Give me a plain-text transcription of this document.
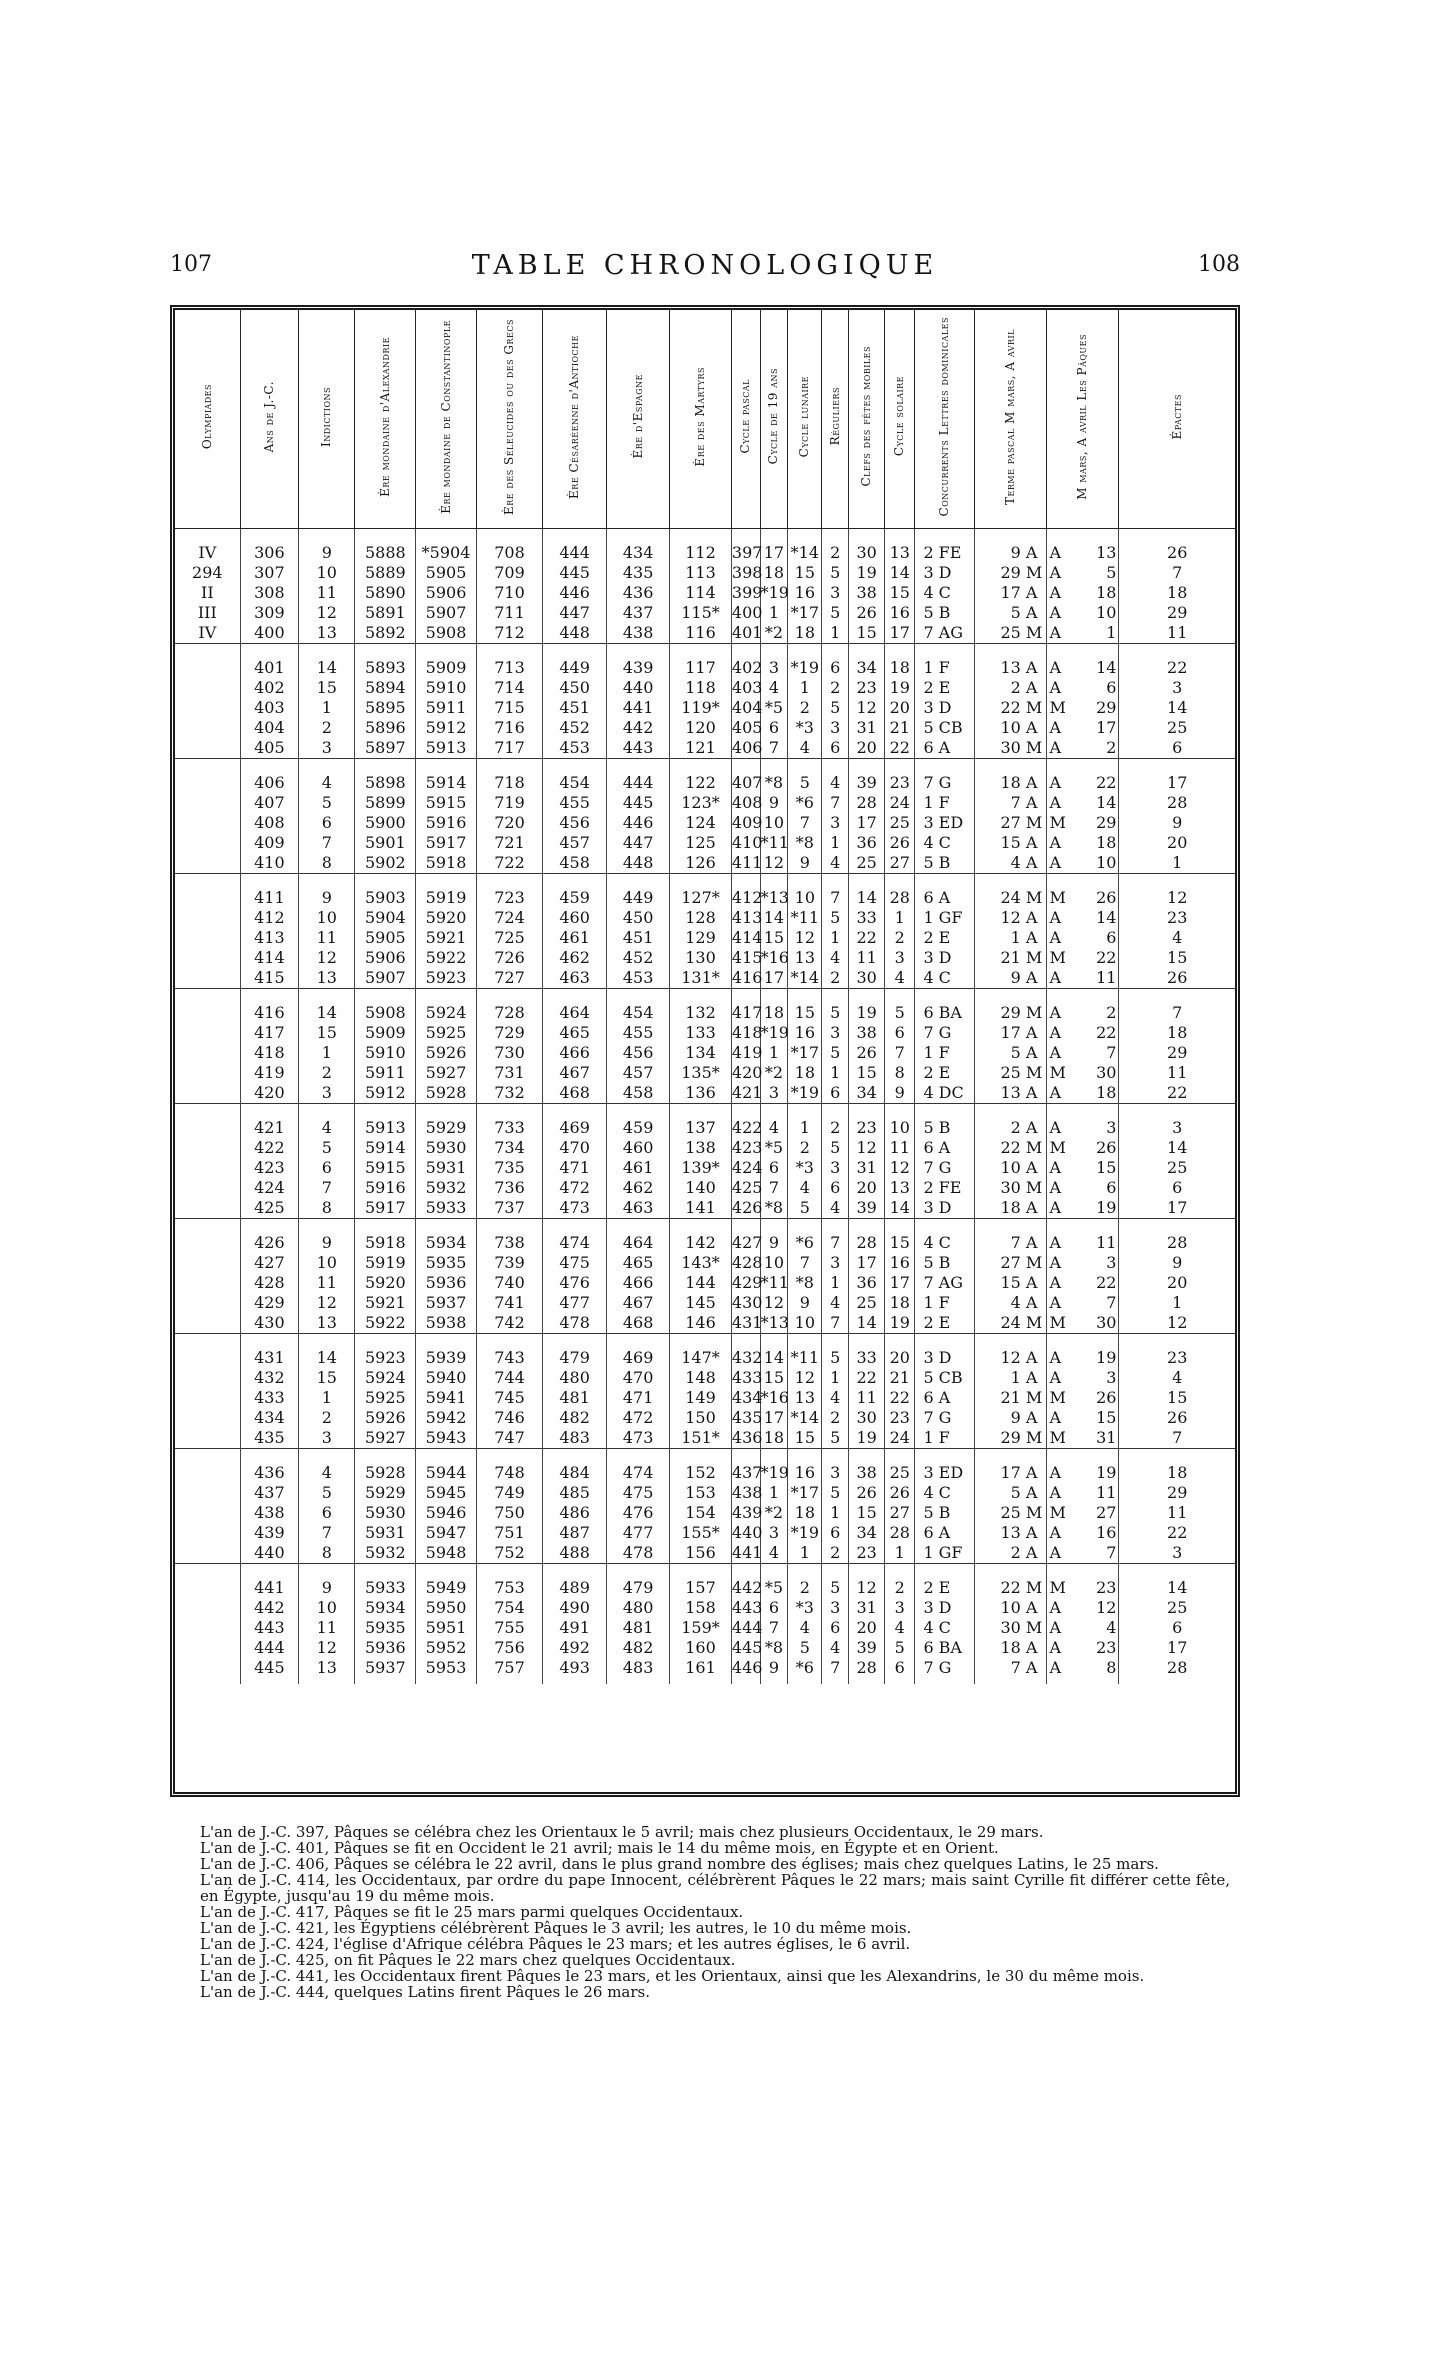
107	TABLE CHRONOLOGIQUE	108
Olympiades	Ans de J.-C.	Indictions	Ère mondaine d'Alexandrie	Ère mondaine de Constantinople	Ère des Séleucides ou des Grecs	Ère Césaréenne d'Antioche	Ère d'Espagne	Ère des Martyrs	Cycle pascal	Cycle de 19 ans	Cycle lunaire	Réguliers	Clefs des fêtes mobiles	Cycle solaire	Concurrents Lettres dominicales		Terme pascal M mars, A avril		M mars, A avril Les Pâques		Épactes
IV	306	9	5888	*5904	708	444	434	112	397	17	*14	2	30	13	2	FE	9	A	A	13	26
294	307	10	5889	5905	709	445	435	113	398	18	15	5	19	14	3	D	29	M	A	5	7
II	308	11	5890	5906	710	446	436	114	399	*19	16	3	38	15	4	C	17	A	A	18	18
III	309	12	5891	5907	711	447	437	115*	400	1	*17	5	26	16	5	B	5	A	A	10	29
IV	400	13	5892	5908	712	448	438	116	401	*2	18	1	15	17	7	AG	25	M	A	1	11
	401	14	5893	5909	713	449	439	117	402	3	*19	6	34	18	1	F	13	A	A	14	22
	402	15	5894	5910	714	450	440	118	403	4	1	2	23	19	2	E	2	A	A	6	3
	403	1	5895	5911	715	451	441	119*	404	*5	2	5	12	20	3	D	22	M	M	29	14
	404	2	5896	5912	716	452	442	120	405	6	*3	3	31	21	5	CB	10	A	A	17	25
	405	3	5897	5913	717	453	443	121	406	7	4	6	20	22	6	A	30	M	A	2	6
	406	4	5898	5914	718	454	444	122	407	*8	5	4	39	23	7	G	18	A	A	22	17
	407	5	5899	5915	719	455	445	123*	408	9	*6	7	28	24	1	F	7	A	A	14	28
	408	6	5900	5916	720	456	446	124	409	10	7	3	17	25	3	ED	27	M	M	29	9
	409	7	5901	5917	721	457	447	125	410	*11	*8	1	36	26	4	C	15	A	A	18	20
	410	8	5902	5918	722	458	448	126	411	12	9	4	25	27	5	B	4	A	A	10	1
	411	9	5903	5919	723	459	449	127*	412	*13	10	7	14	28	6	A	24	M	M	26	12
	412	10	5904	5920	724	460	450	128	413	14	*11	5	33	1	1	GF	12	A	A	14	23
	413	11	5905	5921	725	461	451	129	414	15	12	1	22	2	2	E	1	A	A	6	4
	414	12	5906	5922	726	462	452	130	415	*16	13	4	11	3	3	D	21	M	M	22	15
	415	13	5907	5923	727	463	453	131*	416	17	*14	2	30	4	4	C	9	A	A	11	26
	416	14	5908	5924	728	464	454	132	417	18	15	5	19	5	6	BA	29	M	A	2	7
	417	15	5909	5925	729	465	455	133	418	*19	16	3	38	6	7	G	17	A	A	22	18
	418	1	5910	5926	730	466	456	134	419	1	*17	5	26	7	1	F	5	A	A	7	29
	419	2	5911	5927	731	467	457	135*	420	*2	18	1	15	8	2	E	25	M	M	30	11
	420	3	5912	5928	732	468	458	136	421	3	*19	6	34	9	4	DC	13	A	A	18	22
	421	4	5913	5929	733	469	459	137	422	4	1	2	23	10	5	B	2	A	A	3	3
	422	5	5914	5930	734	470	460	138	423	*5	2	5	12	11	6	A	22	M	M	26	14
	423	6	5915	5931	735	471	461	139*	424	6	*3	3	31	12	7	G	10	A	A	15	25
	424	7	5916	5932	736	472	462	140	425	7	4	6	20	13	2	FE	30	M	A	6	6
	425	8	5917	5933	737	473	463	141	426	*8	5	4	39	14	3	D	18	A	A	19	17
	426	9	5918	5934	738	474	464	142	427	9	*6	7	28	15	4	C	7	A	A	11	28
	427	10	5919	5935	739	475	465	143*	428	10	7	3	17	16	5	B	27	M	A	3	9
	428	11	5920	5936	740	476	466	144	429	*11	*8	1	36	17	7	AG	15	A	A	22	20
	429	12	5921	5937	741	477	467	145	430	12	9	4	25	18	1	F	4	A	A	7	1
	430	13	5922	5938	742	478	468	146	431	*13	10	7	14	19	2	E	24	M	M	30	12
	431	14	5923	5939	743	479	469	147*	432	14	*11	5	33	20	3	D	12	A	A	19	23
	432	15	5924	5940	744	480	470	148	433	15	12	1	22	21	5	CB	1	A	A	3	4
	433	1	5925	5941	745	481	471	149	434	*16	13	4	11	22	6	A	21	M	M	26	15
	434	2	5926	5942	746	482	472	150	435	17	*14	2	30	23	7	G	9	A	A	15	26
	435	3	5927	5943	747	483	473	151*	436	18	15	5	19	24	1	F	29	M	M	31	7
	436	4	5928	5944	748	484	474	152	437	*19	16	3	38	25	3	ED	17	A	A	19	18
	437	5	5929	5945	749	485	475	153	438	1	*17	5	26	26	4	C	5	A	A	11	29
	438	6	5930	5946	750	486	476	154	439	*2	18	1	15	27	5	B	25	M	M	27	11
	439	7	5931	5947	751	487	477	155*	440	3	*19	6	34	28	6	A	13	A	A	16	22
	440	8	5932	5948	752	488	478	156	441	4	1	2	23	1	1	GF	2	A	A	7	3
	441	9	5933	5949	753	489	479	157	442	*5	2	5	12	2	2	E	22	M	M	23	14
	442	10	5934	5950	754	490	480	158	443	6	*3	3	31	3	3	D	10	A	A	12	25
	443	11	5935	5951	755	491	481	159*	444	7	4	6	20	4	4	C	30	M	A	4	6
	444	12	5936	5952	756	492	482	160	445	*8	5	4	39	5	6	BA	18	A	A	23	17
	445	13	5937	5953	757	493	483	161	446	9	*6	7	28	6	7	G	7	A	A	8	28

L'an de J.-C. 397, Pâques se célébra chez les Orientaux le 5 avril; mais chez plusieurs Occidentaux, le 29 mars.

L'an de J.-C. 401, Pâques se fit en Occident le 21 avril; mais le 14 du même mois, en Égypte et en Orient.

L'an de J.-C. 406, Pâques se célébra le 22 avril, dans le plus grand nombre des églises; mais chez quelques Latins, le 25 mars.

L'an de J.-C. 414, les Occidentaux, par ordre du pape Innocent, célébrèrent Pâques le 22 mars; mais saint Cyrille fit différer cette fête, en Égypte, jusqu'au 19 du même mois.

L'an de J.-C. 417, Pâques se fit le 25 mars parmi quelques Occidentaux.

L'an de J.-C. 421, les Égyptiens célébrèrent Pâques le 3 avril; les autres, le 10 du même mois.

L'an de J.-C. 424, l'église d'Afrique célébra Pâques le 23 mars; et les autres églises, le 6 avril.

L'an de J.-C. 425, on fit Pâques le 22 mars chez quelques Occidentaux.

L'an de J.-C. 441, les Occidentaux firent Pâques le 23 mars, et les Orientaux, ainsi que les Alexandrins, le 30 du même mois.

L'an de J.-C. 444, quelques Latins firent Pâques le 26 mars.
